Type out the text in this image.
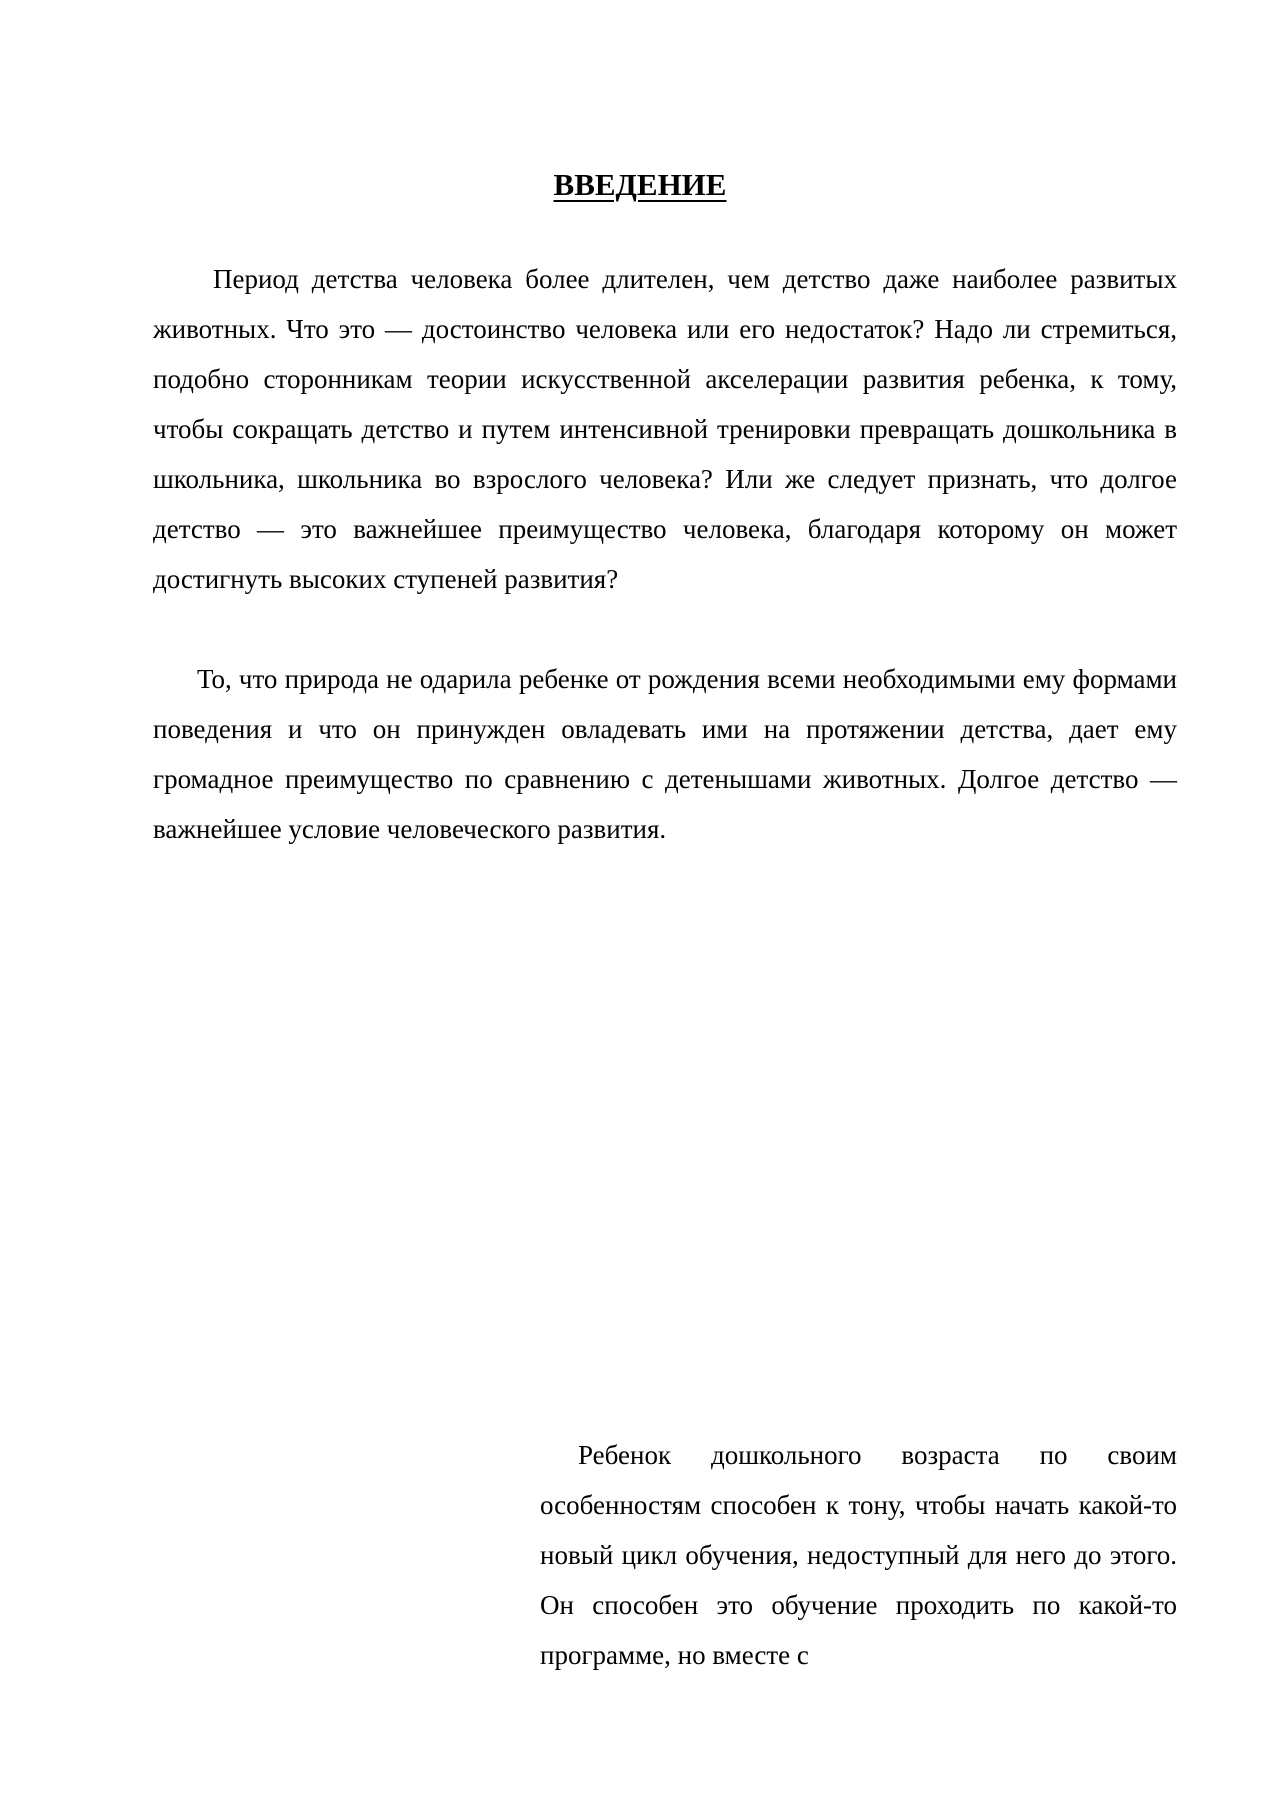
ВВЕДЕНИЕ

Период детства человека более длителен, чем детство даже наиболее развитых животных. Что это — достоинство человека или его недостаток? Надо ли стремиться, подобно сторонникам теории искусственной акселерации развития ребенка, к тому, чтобы сокращать детство и путем интенсивной тренировки превращать дошкольника в школьника, школьника во взрослого человека? Или же следует признать, что долгое детство — это важнейшее преимущество человека, благодаря которому он может достигнуть высоких ступеней развития?

То, что природа не одарила ребенке от рождения всеми необходимыми ему формами поведения и что он принужден овладевать ими на протяжении детства, дает ему громадное преимущество по сравнению с детенышами животных. Долгое детство — важнейшее условие человеческого развития.

Ребенок дошкольного возраста по своим особенностям способен к тону, чтобы начать какой-то новый цикл обучения, недоступный для него до этого. Он способен это обучение проходить по какой-то программе, но вместе с
